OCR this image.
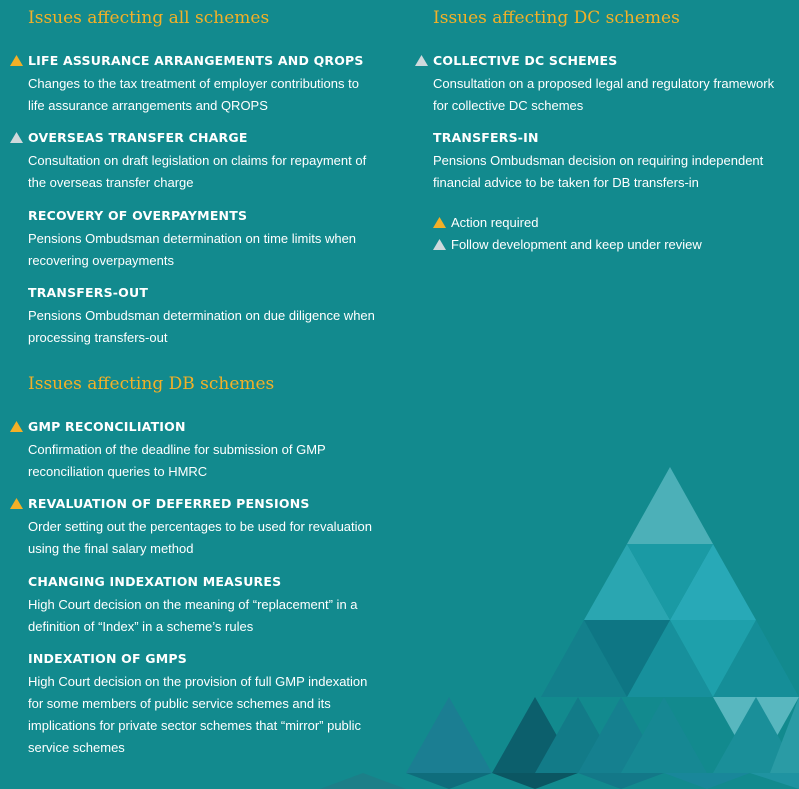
Issues affecting all schemes
LIFE ASSURANCE ARRANGEMENTS AND QROPS
Changes to the tax treatment of employer contributions to life assurance arrangements and QROPS
OVERSEAS TRANSFER CHARGE
Consultation on draft legislation on claims for repayment of the overseas transfer charge
RECOVERY OF OVERPAYMENTS
Pensions Ombudsman determination on time limits when recovering overpayments
TRANSFERS-OUT
Pensions Ombudsman determination on due diligence when processing transfers-out
Issues affecting DB schemes
GMP RECONCILIATION
Confirmation of the deadline for submission of GMP reconciliation queries to HMRC
REVALUATION OF DEFERRED PENSIONS
Order setting out the percentages to be used for revaluation using the final salary method
CHANGING INDEXATION MEASURES
High Court decision on the meaning of “replacement” in a definition of “Index” in a scheme’s rules
INDEXATION OF GMPS
High Court decision on the provision of full GMP indexation for some members of public service schemes and its implications for private sector schemes that “mirror” public service schemes
Issues affecting DC schemes
COLLECTIVE DC SCHEMES
Consultation on a proposed legal and regulatory framework for collective DC schemes
TRANSFERS-IN
Pensions Ombudsman decision on requiring independent financial advice to be taken for DB transfers-in
Action required
Follow development and keep under review
